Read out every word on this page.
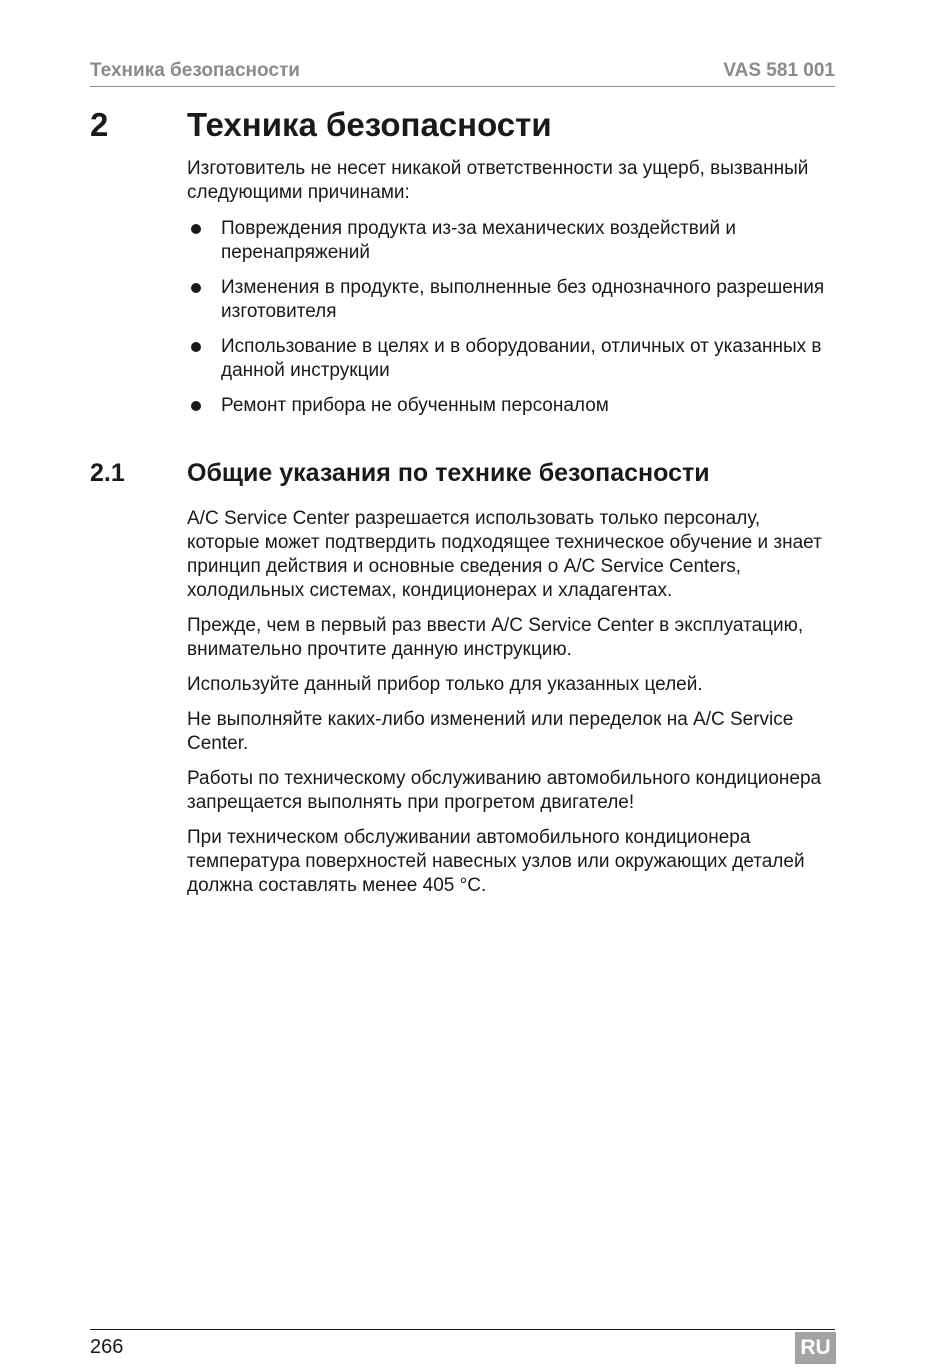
Техника безопасности	VAS 581 001
2 Техника безопасности

Изготовитель не несет никакой ответственности за ущерб, вызванный следующими причинами:

Повреждения продукта из-за механических воздействий и перенапряжений
Изменения в продукте, выполненные без однозначного разрешения изготовителя
Использование в целях и в оборудовании, отличных от указанных в данной инструкции
Ремонт прибора не обученным персоналом
2.1 Общие указания по технике безопасности

A/C Service Center разрешается использовать только персоналу, которые может подтвердить подходящее техническое обучение и знает принцип действия и основные сведения о A/C Service Centers, холодильных системах, кондиционерах и хладагентах.

Прежде, чем в первый раз ввести A/C Service Center в эксплуатацию, внимательно прочтите данную инструкцию.

Используйте данный прибор только для указанных целей.

Не выполняйте каких-либо изменений или переделок на A/C Service Center.

Работы по техническому обслуживанию автомобильного кондиционера запрещается выполнять при прогретом двигателе!

При техническом обслуживании автомобильного кондиционера температура поверхностей навесных узлов или окружающих деталей должна составлять менее 405 °C.

266	RU
